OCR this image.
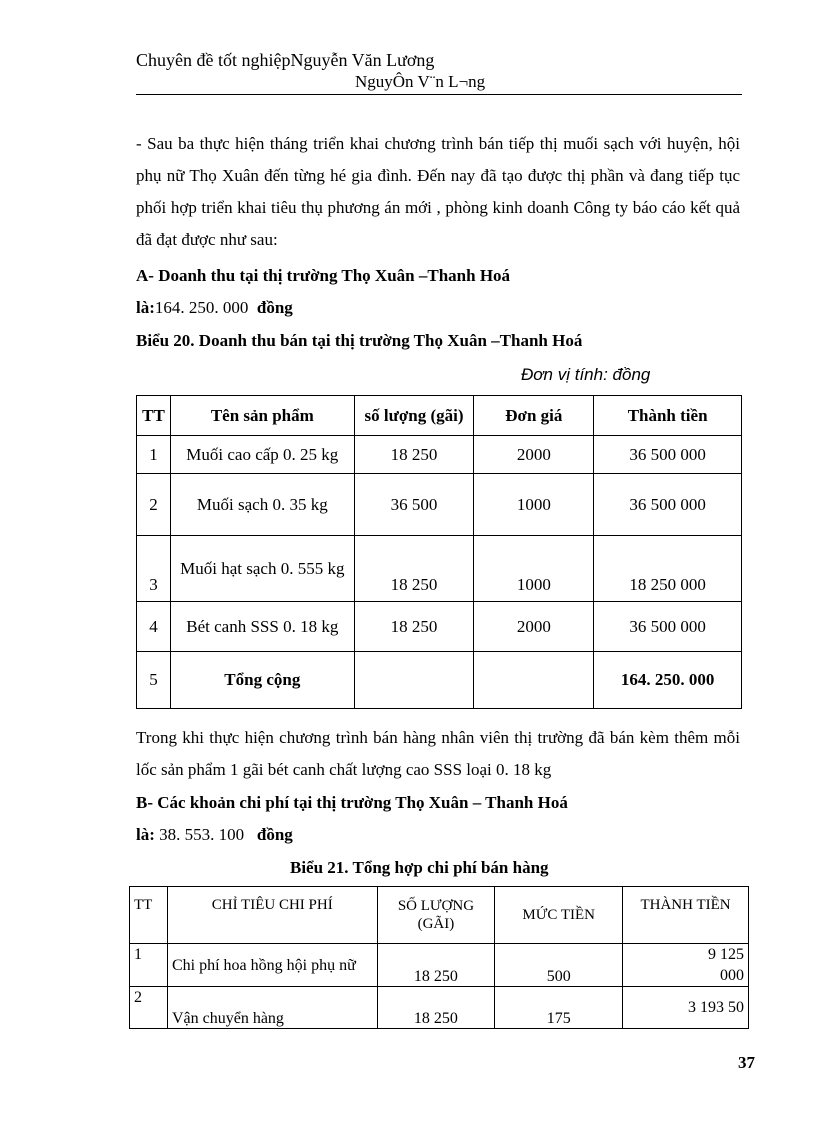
Chuyên đề tốt nghiệpNguyễn Văn Lương
NguyÔn V¨n L¬ng
- Sau ba thực hiện tháng triển khai chương trình bán tiếp thị muối sạch với huyện, hội phụ nữ Thọ Xuân đến từng hé gia đình. Đến nay đã tạo được thị phần và đang tiếp tục phối hợp triển khai tiêu thụ phương án mới , phòng kinh doanh Công ty báo cáo kết quả đã đạt được như sau:
A- Doanh thu tại thị trường Thọ Xuân –Thanh Hoá
là:164. 250. 000 đồng
Biểu 20. Doanh thu bán tại thị trường Thọ Xuân –Thanh Hoá
Đơn vị tính: đồng
TT	Tên sản phẩm	số lượng (gãi)	Đơn giá	Thành tiền
1	Muối cao cấp 0. 25 kg	18 250	2000	36 500 000
2	Muối sạch 0. 35 kg	36 500	1000	36 500 000
3	Muối hạt sạch 0. 555 kg	18 250	1000	18 250 000
4	Bét canh SSS 0. 18 kg	18 250	2000	36 500 000
5	Tổng cộng			164. 250. 000
Trong khi thực hiện chương trình bán hàng nhân viên thị trường đã bán kèm thêm mỗi lốc sản phẩm 1 gãi bét canh chất lượng cao SSS loại 0. 18 kg
B- Các khoản chi phí tại thị trường Thọ Xuân – Thanh Hoá
là: 38. 553. 100 đồng
Biểu 21. Tổng hợp chi phí bán hàng
TT	CHỈ TIÊU CHI PHÍ	SỐ LƯỢNG (GÃI)	MỨC TIỀN	THÀNH TIỀN
1	Chi phí hoa hồng hội phụ nữ	18 250	500	9 125 000
2	Vận chuyển hàng	18 250	175	3 193 50
37
